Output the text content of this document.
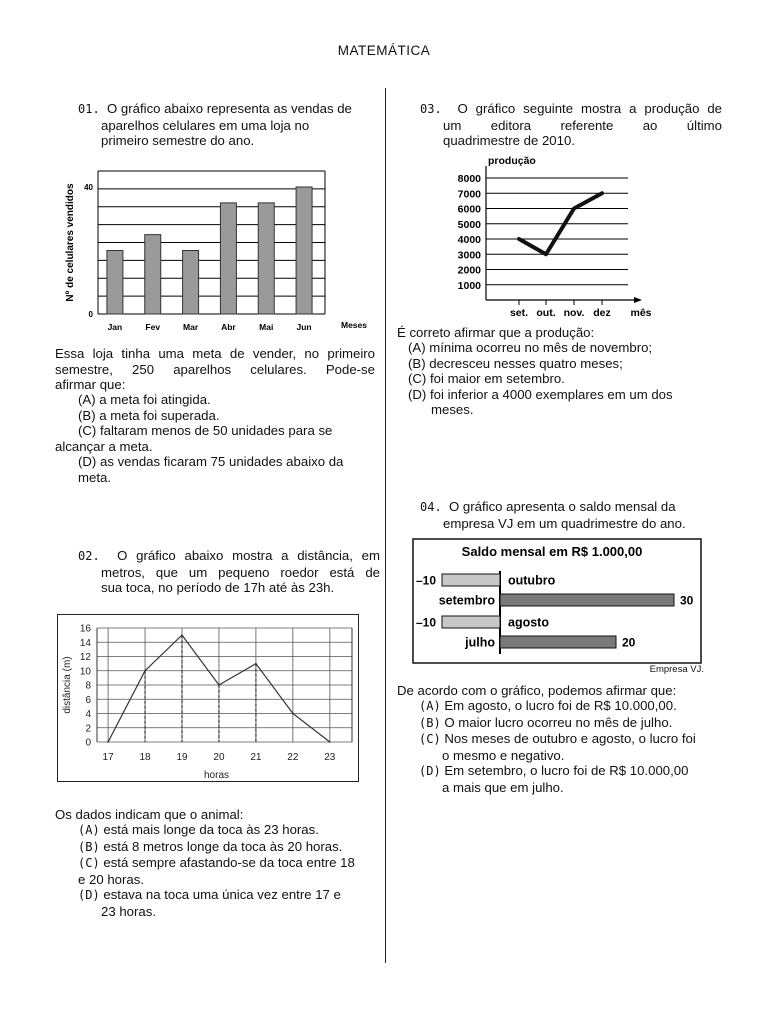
MATEMÁTICA
01. O gráfico abaixo representa as vendas de
aparelhos celulares em uma loja no
primeiro semestre do ano.
0
40
Nº de celulares vendidos
Jan	Fev	Mar	Abr	Mai	Jun	Meses
Essa loja tinha uma meta de vender, no primeiro
semestre, 250 aparelhos celulares. Pode-se
afirmar que:
(A) a meta foi atingida.
(B) a meta foi superada.
(C) faltaram menos de 50 unidades para se
alcançar a meta.
(D) as vendas ficaram 75 unidades abaixo da
meta.
02. O gráfico abaixo mostra a distância, em
metros, que um pequeno roedor está de
sua toca, no período de 17h até às 23h.
0
2
4
6
8
10
12
14
16
17	18	19	20	21	22	23
distância (m)
horas
Os dados indicam que o animal:
(A) está mais longe da toca às 23 horas.
(B) está 8 metros longe da toca às 20 horas.
(C) está sempre afastando-se da toca entre 18
e 20 horas.
(D) estava na toca uma única vez entre 17 e
23 horas.
03. O gráfico seguinte mostra a produção de
um editora referente ao último
quadrimestre de 2010.
1000
2000
3000
4000
5000
6000
7000
8000
produção
set. out. nov. dez mês
É correto afirmar que a produção:
(A) mínima ocorreu no mês de novembro;
(B) decresceu nesses quatro meses;
(C) foi maior em setembro.
(D) foi inferior a 4000 exemplares em um dos
meses.
04. O gráfico apresenta o saldo mensal da
empresa VJ em um quadrimestre do ano.
Saldo mensal em R$ 1.000,00
–10	outubro
setembro	30
–10	agosto
julho	20
Empresa VJ.
De acordo com o gráfico, podemos afirmar que:
(A) Em agosto, o lucro foi de R$ 10.000,00.
(B) O maior lucro ocorreu no mês de julho.
(C) Nos meses de outubro e agosto, o lucro foi
o mesmo e negativo.
(D) Em setembro, o lucro foi de R$ 10.000,00
a mais que em julho.
